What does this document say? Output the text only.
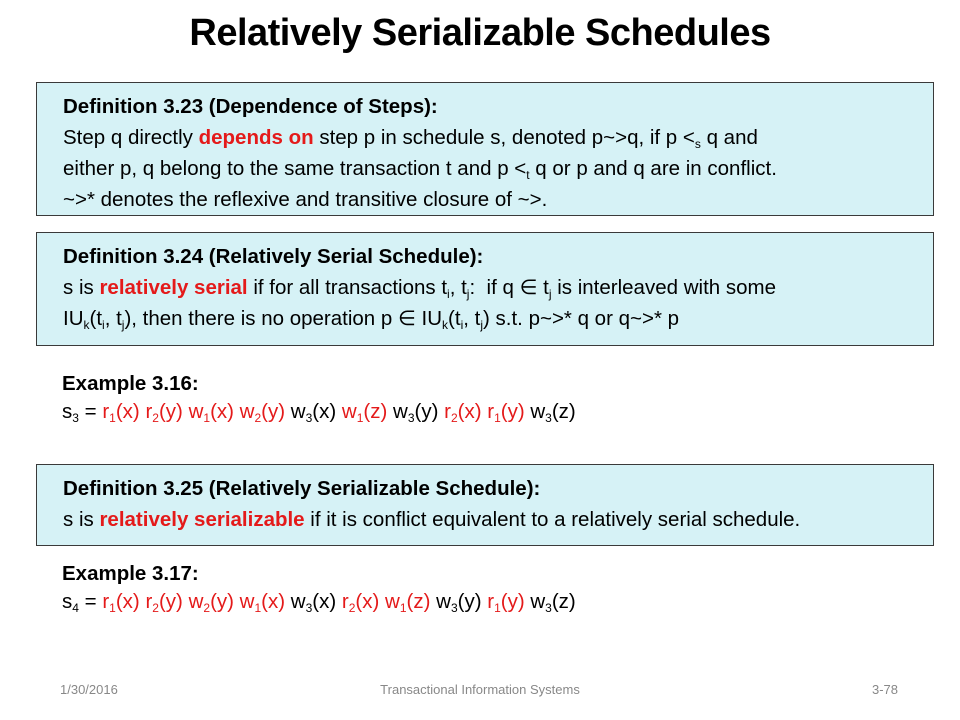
Relatively Serializable Schedules
Definition 3.23 (Dependence of Steps):
Step q directly depends on step p in schedule s, denoted p~>q, if $p <_s$ q and
either p, q belong to the same transaction t and $p <_t$ q or p and q are in conflict.
~>* denotes the reflexive and transitive closure of ~>.
Definition 3.24 (Relatively Serial Schedule):
s is relatively serial if for all transactions $t_i$, $t_j$:  if q ∈ $t_j$ is interleaved with some
$IU_k(t_i$, $t_j$), then there is no operation p ∈ $IU_k(t_i$, $t_j$) s.t. p~>* q or q~>* p
Example 3.16:
$s_3 = r_1(x)$ $r_2(y)$ $w_1(x)$ $w_2(y)$ $w_3(x)$ $w_1(z)$ $w_3(y)$ $r_2(x)$ $r_1(y)$ $w_3(z)$
Definition 3.25 (Relatively Serializable Schedule):
s is relatively serializable if it is conflict equivalent to a relatively serial schedule.
Example 3.17:
$s_4 = r_1(x)$ $r_2(y)$ $w_2(y)$ $w_1(x)$ $w_3(x)$ $r_2(x)$ $w_1(z)$ $w_3(y)$ $r_1(y)$ $w_3(z)$
1/30/2016	Transactional Information Systems	3-78
